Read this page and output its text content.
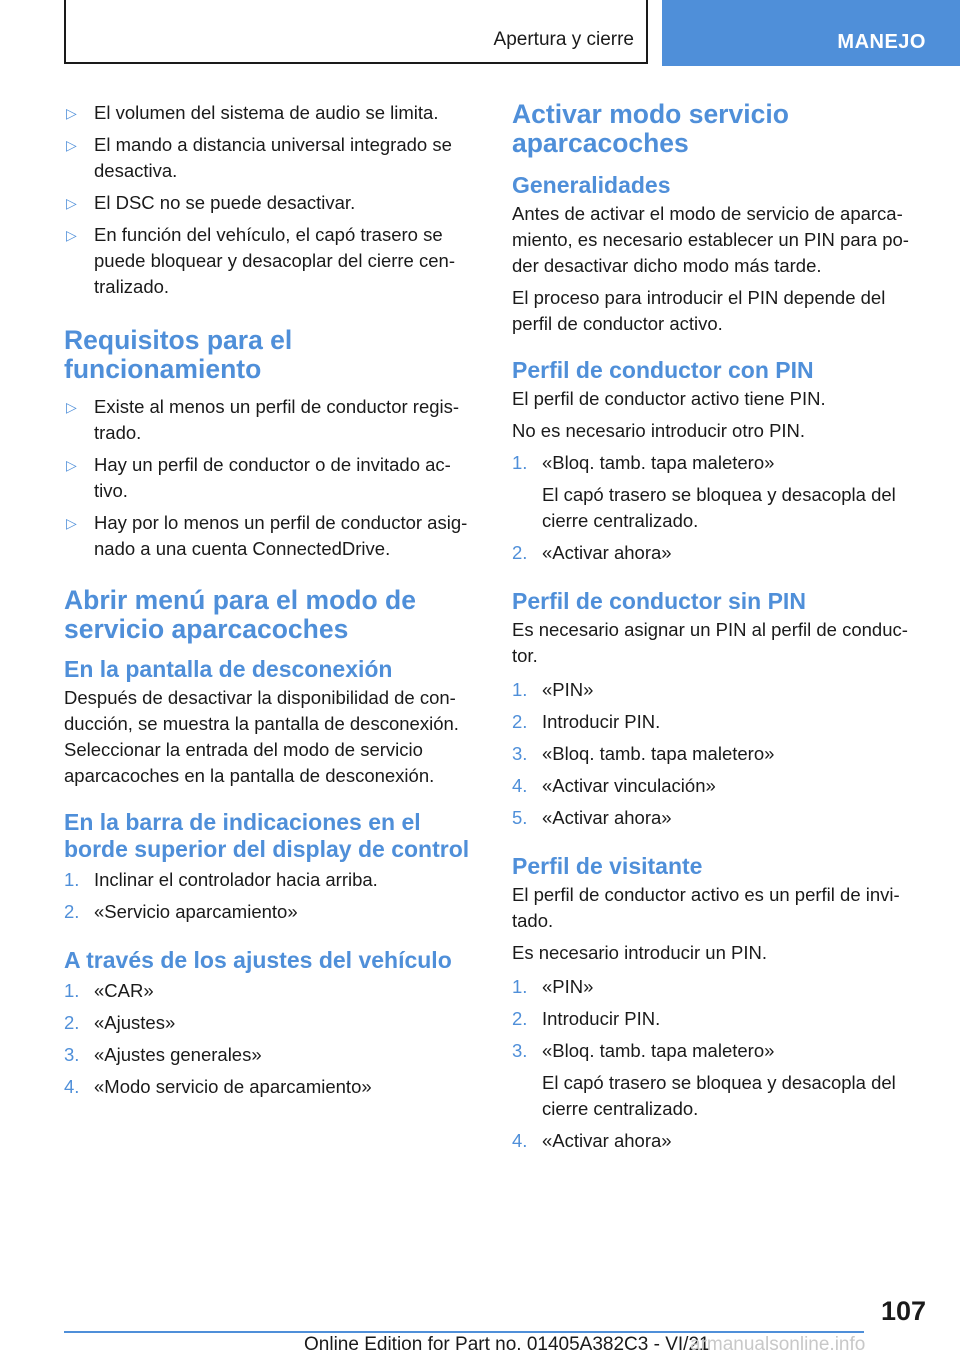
Apertura y cierre	MANEJO
▷ El volumen del sistema de audio se limita.
▷ El mando a distancia universal integrado se desactiva.
▷ El DSC no se puede desactivar.
▷ En función del vehículo, el capó trasero se puede bloquear y desacoplar del cierre cen-tralizado.
Requisitos para el funcionamiento
▷ Existe al menos un perfil de conductor regis-trado.
▷ Hay un perfil de conductor o de invitado ac-tivo.
▷ Hay por lo menos un perfil de conductor asig-nado a una cuenta ConnectedDrive.
Abrir menú para el modo de servicio aparcacoches
En la pantalla de desconexión

Después de desactivar la disponibilidad de con-ducción, se muestra la pantalla de desconexión. Seleccionar la entrada del modo de servicio aparcacoches en la pantalla de desconexión.

En la barra de indicaciones en el borde superior del display de control
1. Inclinar el controlador hacia arriba.
2. «Servicio aparcamiento»
A través de los ajustes del vehículo
1. «CAR»
2. «Ajustes»
3. «Ajustes generales»
4. «Modo servicio de aparcamiento»
Activar modo servicio aparcacoches
Generalidades

Antes de activar el modo de servicio de aparca-miento, es necesario establecer un PIN para po-der desactivar dicho modo más tarde.

El proceso para introducir el PIN depende del perfil de conductor activo.

Perfil de conductor con PIN

El perfil de conductor activo tiene PIN.

No es necesario introducir otro PIN.

1. «Bloq. tamb. tapa maletero»
El capó trasero se bloquea y desacopla del cierre centralizado.
2. «Activar ahora»
Perfil de conductor sin PIN

Es necesario asignar un PIN al perfil de conduc-tor.

1. «PIN»
2. Introducir PIN.
3. «Bloq. tamb. tapa maletero»
4. «Activar vinculación»
5. «Activar ahora»
Perfil de visitante

El perfil de conductor activo es un perfil de invi-tado.

Es necesario introducir un PIN.

1. «PIN»
2. Introducir PIN.
3. «Bloq. tamb. tapa maletero»
El capó trasero se bloquea y desacopla del cierre centralizado.
4. «Activar ahora»
107
Online Edition for Part no. 01405A382C3 - VI/21
armanualsonline.info
